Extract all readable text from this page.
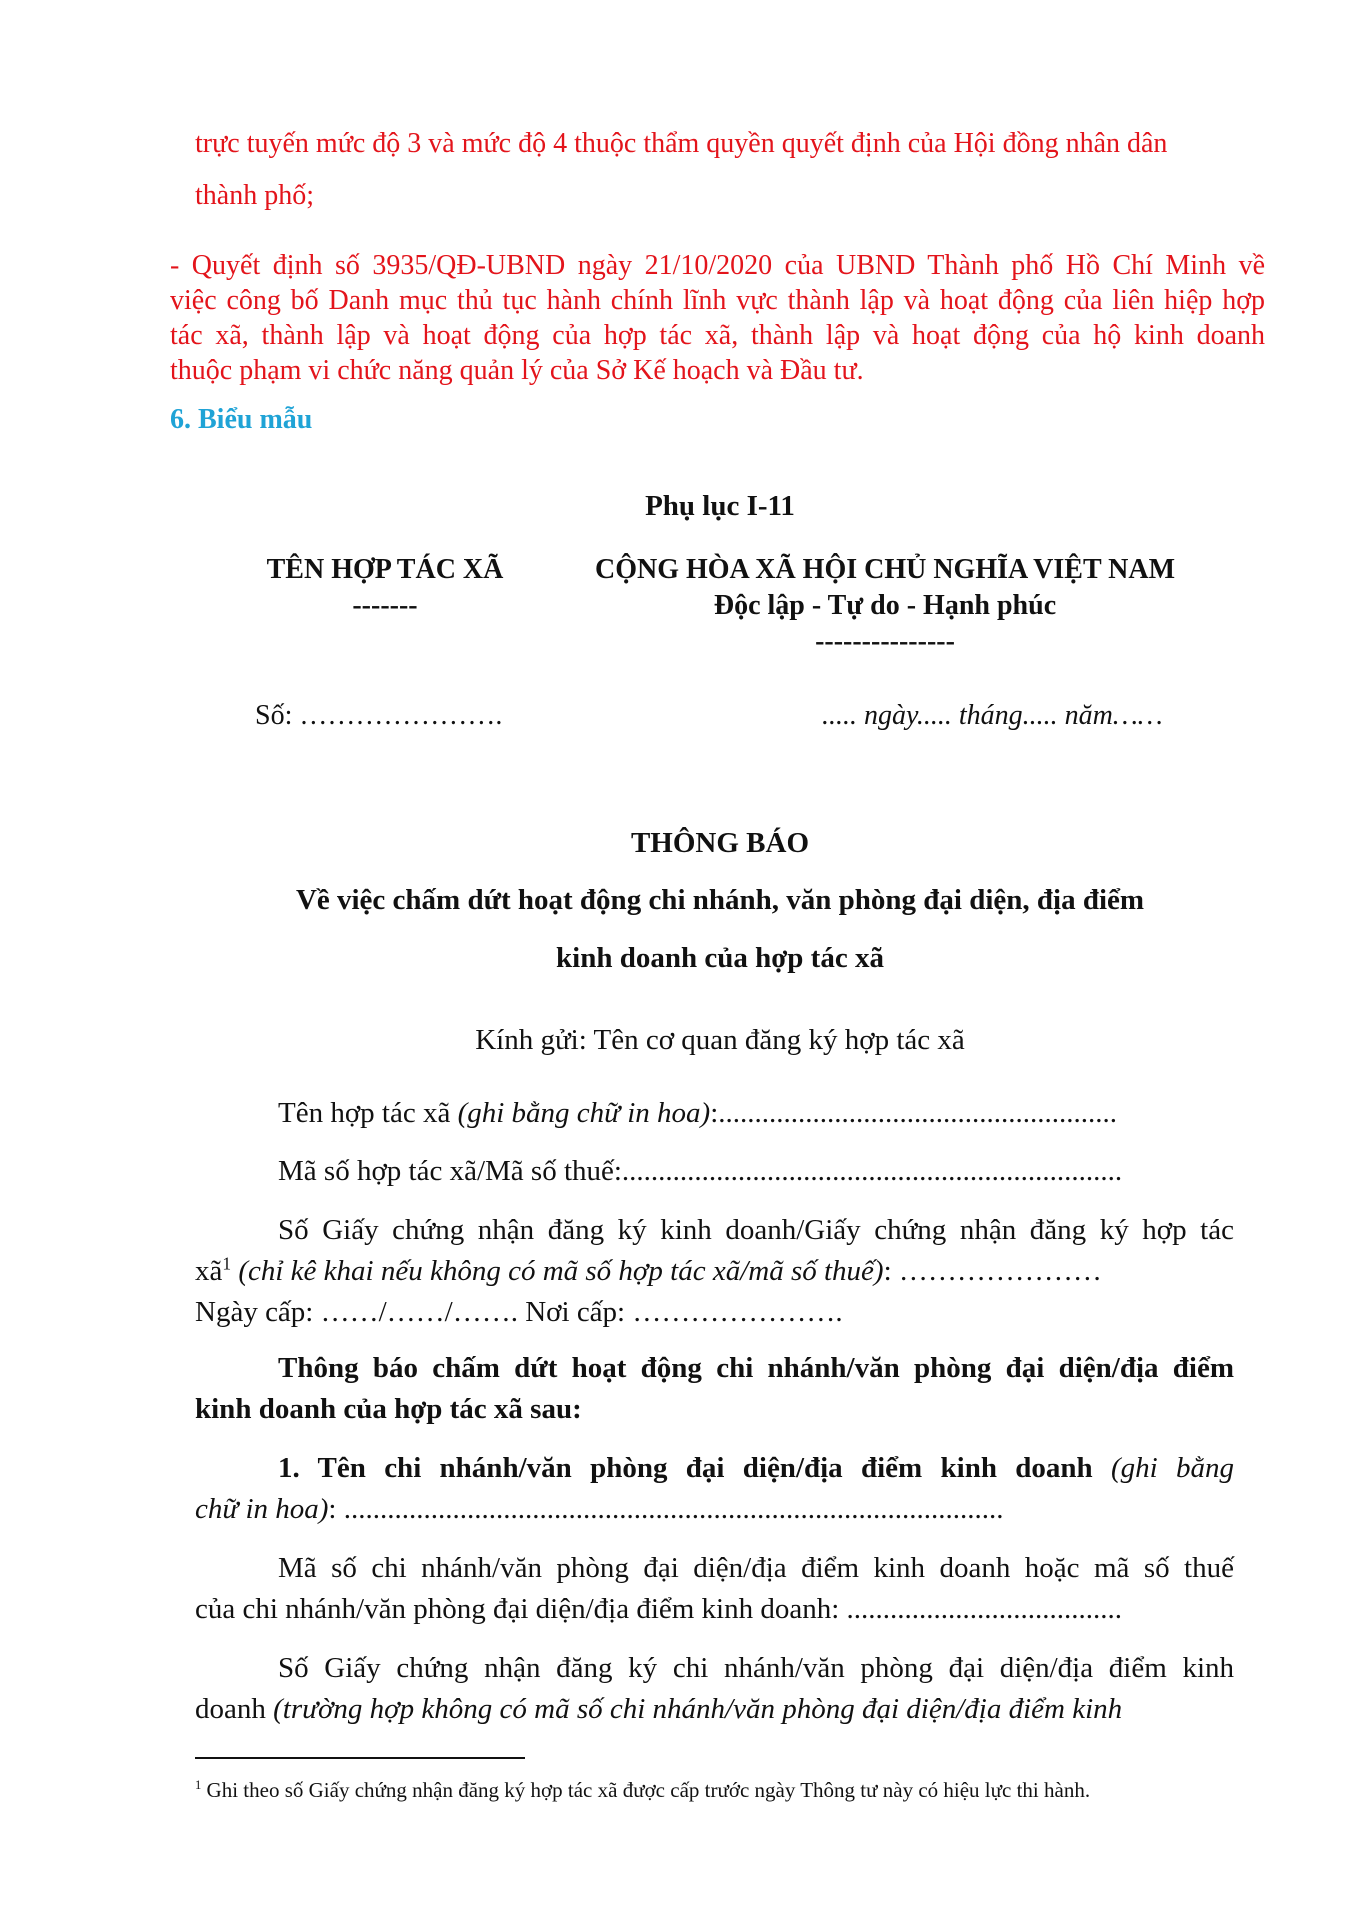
trực tuyến mức độ 3 và mức độ 4 thuộc thẩm quyền quyết định của Hội đồng nhân dân
thành phố;
- Quyết định số 3935/QĐ-UBND ngày 21/10/2020 của UBND Thành phố Hồ Chí Minh về
việc công bố Danh mục thủ tục hành chính lĩnh vực thành lập và hoạt động của liên hiệp hợp
tác xã, thành lập và hoạt động của hợp tác xã, thành lập và hoạt động của hộ kinh doanh
thuộc phạm vi chức năng quản lý của Sở Kế hoạch và Đầu tư.
6. Biểu mẫu
Phụ lục I-11
TÊN HỢP TÁC XÃ
-------
CỘNG HÒA XÃ HỘI CHỦ NGHĨA VIỆT NAM
Độc lập - Tự do - Hạnh phúc
---------------
Số: ………………….	..... ngày..... tháng..... năm……
THÔNG BÁO
Về việc chấm dứt hoạt động chi nhánh, văn phòng đại diện, địa điểm
kinh doanh của hợp tác xã
Kính gửi: Tên cơ quan đăng ký hợp tác xã
Tên hợp tác xã (ghi bằng chữ in hoa):.......................................................
Mã số hợp tác xã/Mã số thuế:.....................................................................
Số Giấy chứng nhận đăng ký kinh doanh/Giấy chứng nhận đăng ký hợp tác
$xã^1$ (chỉ kê khai nếu không có mã số hợp tác xã/mã số thuế): …………………
Ngày cấp: ……/……/……. Nơi cấp: ………………….
Thông báo chấm dứt hoạt động chi nhánh/văn phòng đại diện/địa điểm
kinh doanh của hợp tác xã sau:
1. Tên chi nhánh/văn phòng đại diện/địa điểm kinh doanh (ghi bằng
chữ in hoa): ...........................................................................................
Mã số chi nhánh/văn phòng đại diện/địa điểm kinh doanh hoặc mã số thuế
của chi nhánh/văn phòng đại diện/địa điểm kinh doanh: ......................................
Số Giấy chứng nhận đăng ký chi nhánh/văn phòng đại diện/địa điểm kinh
doanh (trường hợp không có mã số chi nhánh/văn phòng đại diện/địa điểm kinh
$^1$ Ghi theo số Giấy chứng nhận đăng ký hợp tác xã được cấp trước ngày Thông tư này có hiệu lực thi hành.
